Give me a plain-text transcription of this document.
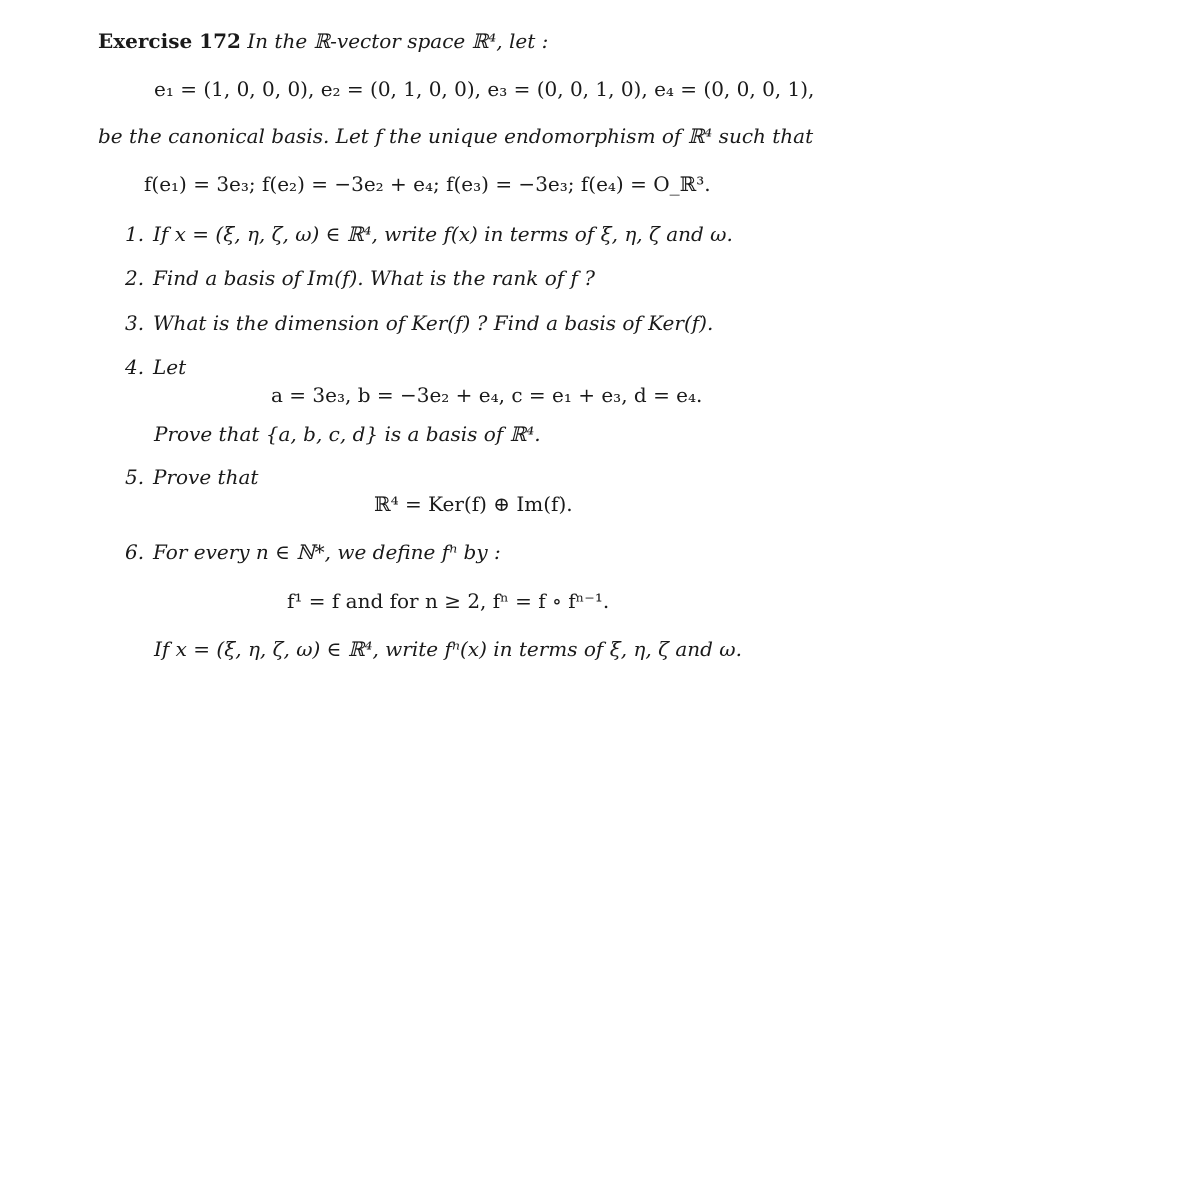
Exercise 172 In the ℝ-vector space ℝ⁴, let :
e₁ = (1, 0, 0, 0), e₂ = (0, 1, 0, 0), e₃ = (0, 0, 1, 0), e₄ = (0, 0, 0, 1),
be the canonical basis. Let f the unique endomorphism of ℝ⁴ such that
f(e₁) = 3e₃; f(e₂) = −3e₂ + e₄; f(e₃) = −3e₃; f(e₄) = O_ℝ³.
1. If x = (ξ, η, ζ, ω) ∈ ℝ⁴, write f(x) in terms of ξ, η, ζ and ω.
2. Find a basis of Im(f). What is the rank of f ?
3. What is the dimension of Ker(f) ? Find a basis of Ker(f).
4. Let
a = 3e₃, b = −3e₂ + e₄, c = e₁ + e₃, d = e₄.
Prove that {a, b, c, d} is a basis of ℝ⁴.
5. Prove that
ℝ⁴ = Ker(f) ⊕ Im(f).
6. For every n ∈ ℕ*, we define fⁿ by :
f¹ = f and for n ≥ 2, fⁿ = f ∘ fⁿ⁻¹.
If x = (ξ, η, ζ, ω) ∈ ℝ⁴, write fⁿ(x) in terms of ξ, η, ζ and ω.
